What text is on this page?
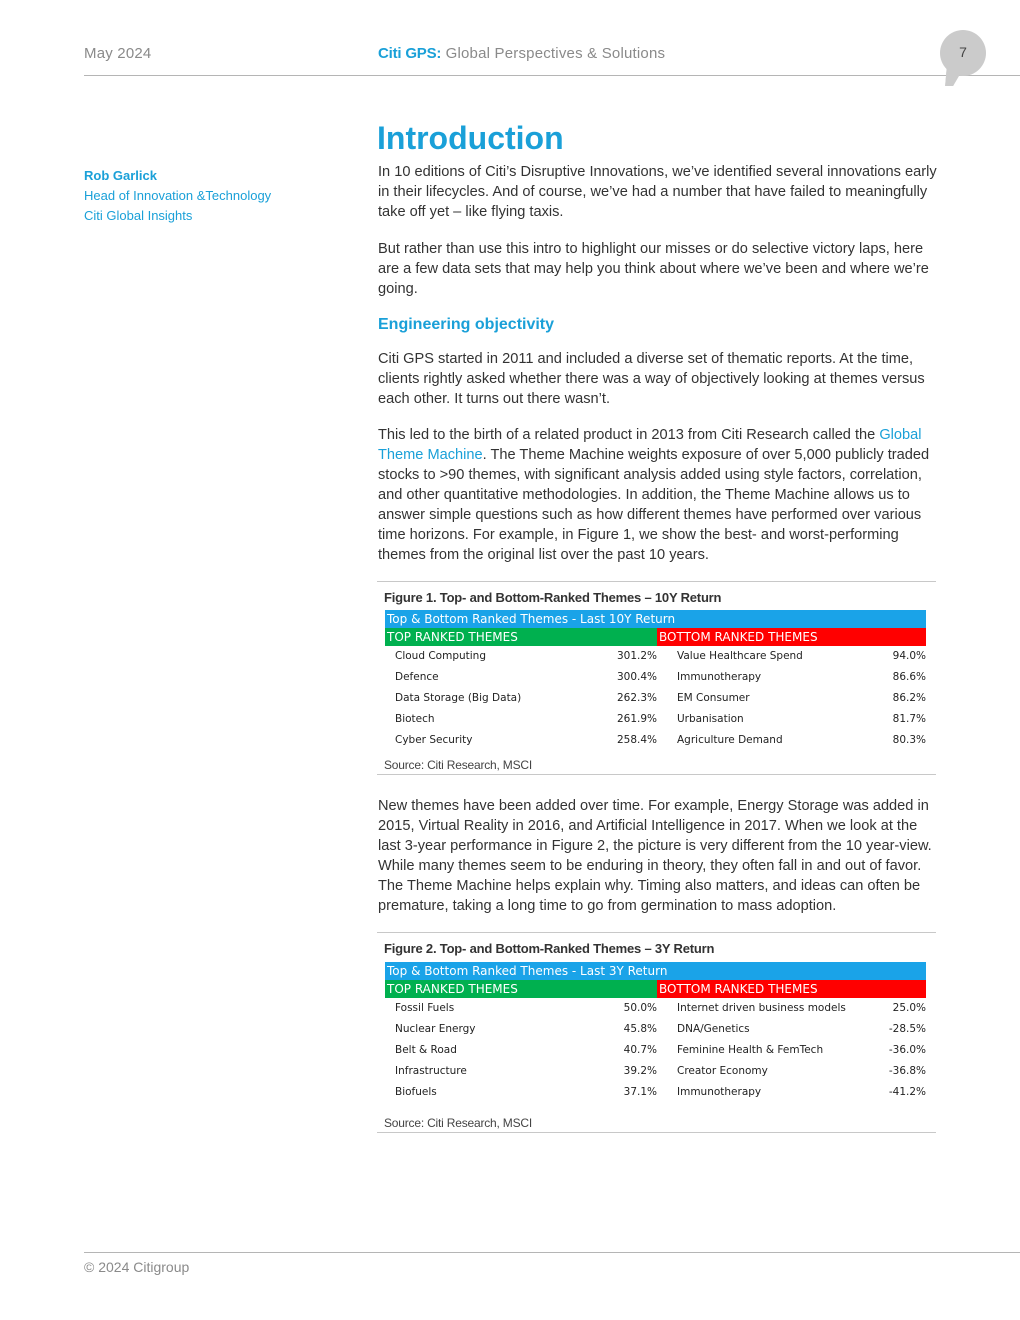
May 2024	Citi GPS: Global Perspectives & Solutions	7
Rob Garlick
Head of Innovation &Technology
Citi Global Insights
Introduction

In 10 editions of Citi’s Disruptive Innovations, we’ve identified several innovations early in their lifecycles. And of course, we’ve had a number that have failed to meaningfully take off yet – like flying taxis.

But rather than use this intro to highlight our misses or do selective victory laps, here are a few data sets that may help you think about where we’ve been and where we’re going.

Engineering objectivity

Citi GPS started in 2011 and included a diverse set of thematic reports. At the time, clients rightly asked whether there was a way of objectively looking at themes versus each other. It turns out there wasn’t.

This led to the birth of a related product in 2013 from Citi Research called the Global Theme Machine. The Theme Machine weights exposure of over 5,000 publicly traded stocks to >90 themes, with significant analysis added using style factors, correlation, and other quantitative methodologies. In addition, the Theme Machine allows us to answer simple questions such as how different themes have performed over various time horizons. For example, in Figure 1, we show the best- and worst-performing themes from the original list over the past 10 years.

Figure 1. Top- and Bottom-Ranked Themes – 10Y Return
Top & Bottom Ranked Themes - Last 10Y Return
TOP RANKED THEMES	BOTTOM RANKED THEMES
Cloud Computing	301.2%	Value Healthcare Spend	94.0%
Defence	300.4%	Immunotherapy	86.6%
Data Storage (Big Data)	262.3%	EM Consumer	86.2%
Biotech	261.9%	Urbanisation	81.7%
Cyber Security	258.4%	Agriculture Demand	80.3%
Source: Citi Research, MSCI

New themes have been added over time. For example, Energy Storage was added in 2015, Virtual Reality in 2016, and Artificial Intelligence in 2017. When we look at the last 3-year performance in Figure 2, the picture is very different from the 10 year-view. While many themes seem to be enduring in theory, they often fall in and out of favor. The Theme Machine helps explain why. Timing also matters, and ideas can often be premature, taking a long time to go from germination to mass adoption.

Figure 2. Top- and Bottom-Ranked Themes – 3Y Return
Top & Bottom Ranked Themes - Last 3Y Return
TOP RANKED THEMES	BOTTOM RANKED THEMES
Fossil Fuels	50.0%	Internet driven business models	25.0%
Nuclear Energy	45.8%	DNA/Genetics	-28.5%
Belt & Road	40.7%	Feminine Health & FemTech	-36.0%
Infrastructure	39.2%	Creator Economy	-36.8%
Biofuels	37.1%	Immunotherapy	-41.2%
Source: Citi Research, MSCI
© 2024 Citigroup
